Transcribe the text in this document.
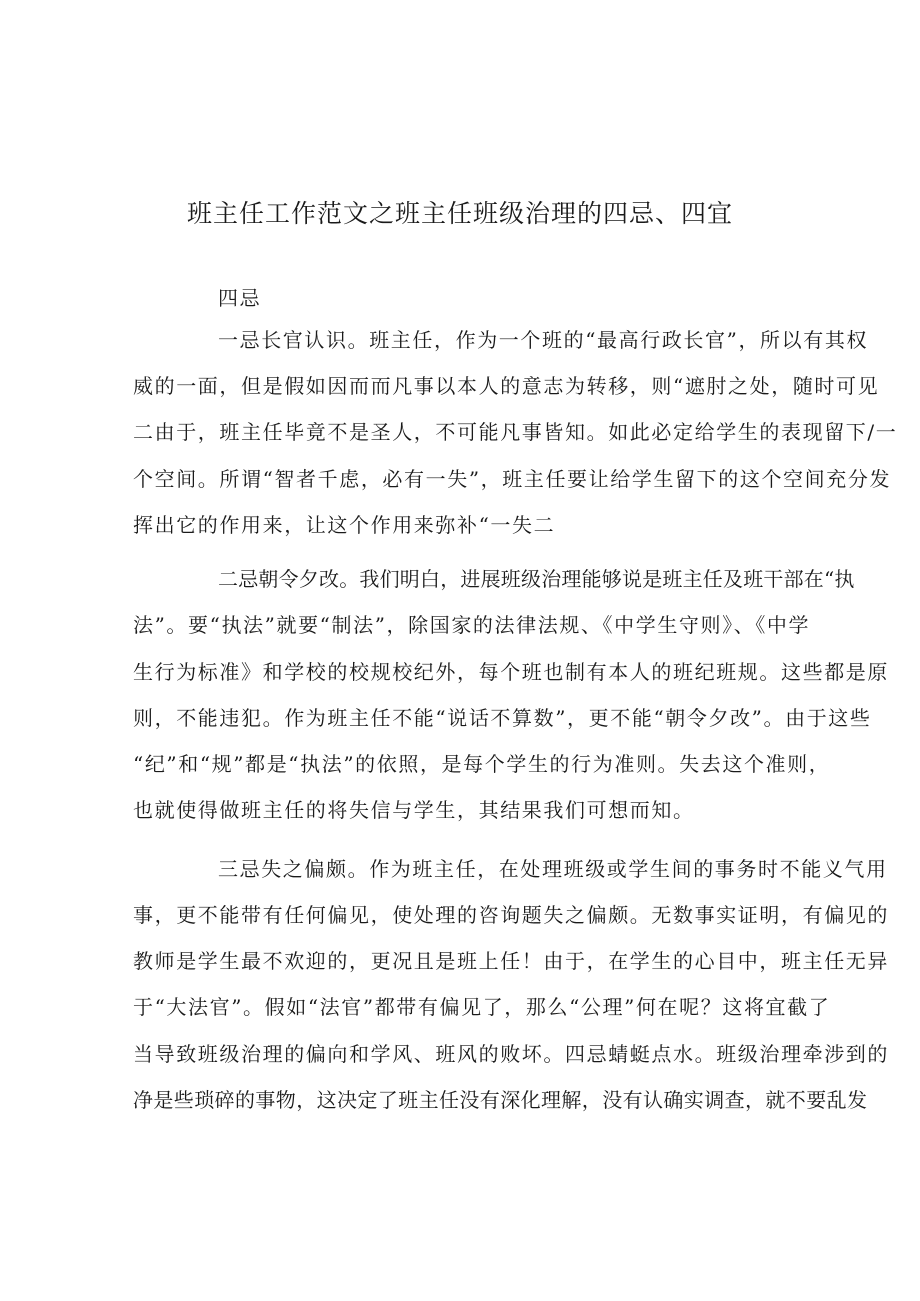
班主任工作范文之班主任班级治理的四忌、四宜
四忌
一忌长官认识。班主任，作为一个班的“最高行政长官”，所以有其权
威的一面，但是假如因而而凡事以本人的意志为转移，则“遮肘之处，随时可见
二由于，班主任毕竟不是圣人，不可能凡事皆知。如此必定给学生的表现留下/一
个空间。所谓“智者千虑，必有一失”，班主任要让给学生留下的这个空间充分发
挥出它的作用来，让这个作用来弥补“一失二
二忌朝令夕改。我们明白，进展班级治理能够说是班主任及班干部在“执
法”。要“执法”就要“制法”，除国家的法律法规、《中学生守则》、《中学
生行为标准》和学校的校规校纪外，每个班也制有本人的班纪班规。这些都是原
则，不能违犯。作为班主任不能“说话不算数”，更不能“朝令夕改”。由于这些
“纪”和“规”都是“执法”的依照，是每个学生的行为准则。失去这个准则，
也就使得做班主任的将失信与学生，其结果我们可想而知。
三忌失之偏颇。作为班主任，在处理班级或学生间的事务时不能义气用
事，更不能带有任何偏见，使处理的咨询题失之偏颇。无数事实证明，有偏见的
教师是学生最不欢迎的，更况且是班上任！由于，在学生的心目中，班主任无异
于“大法官”。假如“法官”都带有偏见了，那么“公理”何在呢？这将宜截了
当导致班级治理的偏向和学风、班风的败坏。四忌蜻蜓点水。班级治理牵涉到的
净是些琐碎的事物，这决定了班主任没有深化理解，没有认确实调查，就不要乱发
